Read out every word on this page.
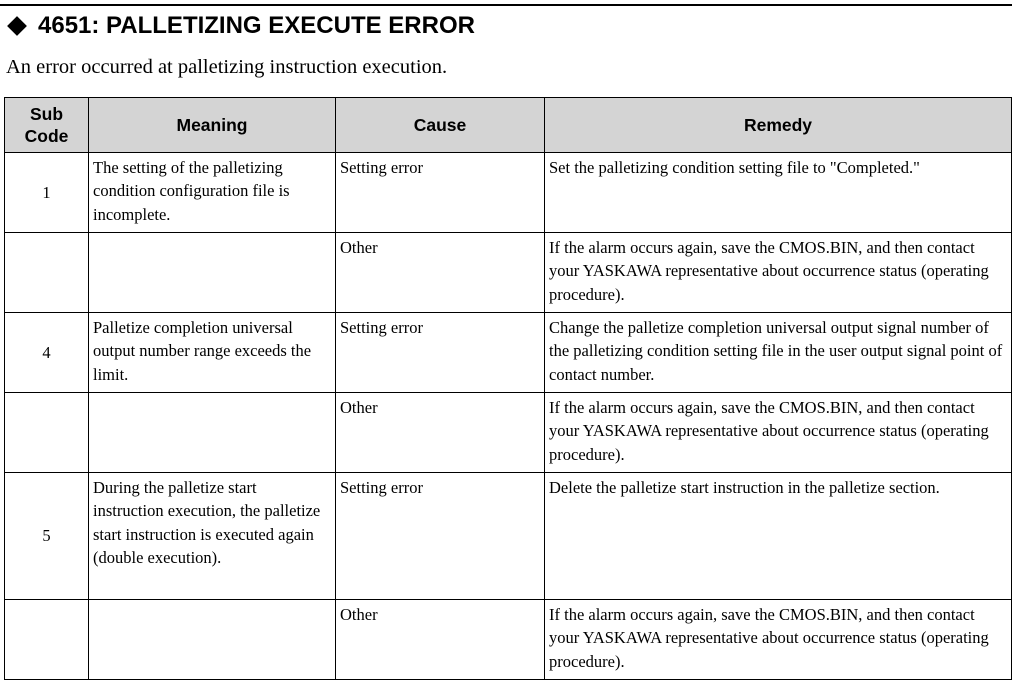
4651: PALLETIZING EXECUTE ERROR
An error occurred at palletizing instruction execution.
Sub
Code	Meaning	Cause	Remedy
1	The setting of the palletizing condition configuration file is incomplete.	Setting error	Set the palletizing condition setting file to "Completed."
		Other	If the alarm occurs again, save the CMOS.BIN, and then contact your YASKAWA representative about occurrence status (operating procedure).
4	Palletize completion universal output number range exceeds the limit.	Setting error	Change the palletize completion universal output signal number of the palletizing condition setting file in the user output signal point of contact number.
		Other	If the alarm occurs again, save the CMOS.BIN, and then contact your YASKAWA representative about occurrence status (operating procedure).
5	During the palletize start instruction execution, the palletize start instruction is executed again (double execution).	Setting error	Delete the palletize start instruction in the palletize section.
		Other	If the alarm occurs again, save the CMOS.BIN, and then contact your YASKAWA representative about occurrence status (operating procedure).
